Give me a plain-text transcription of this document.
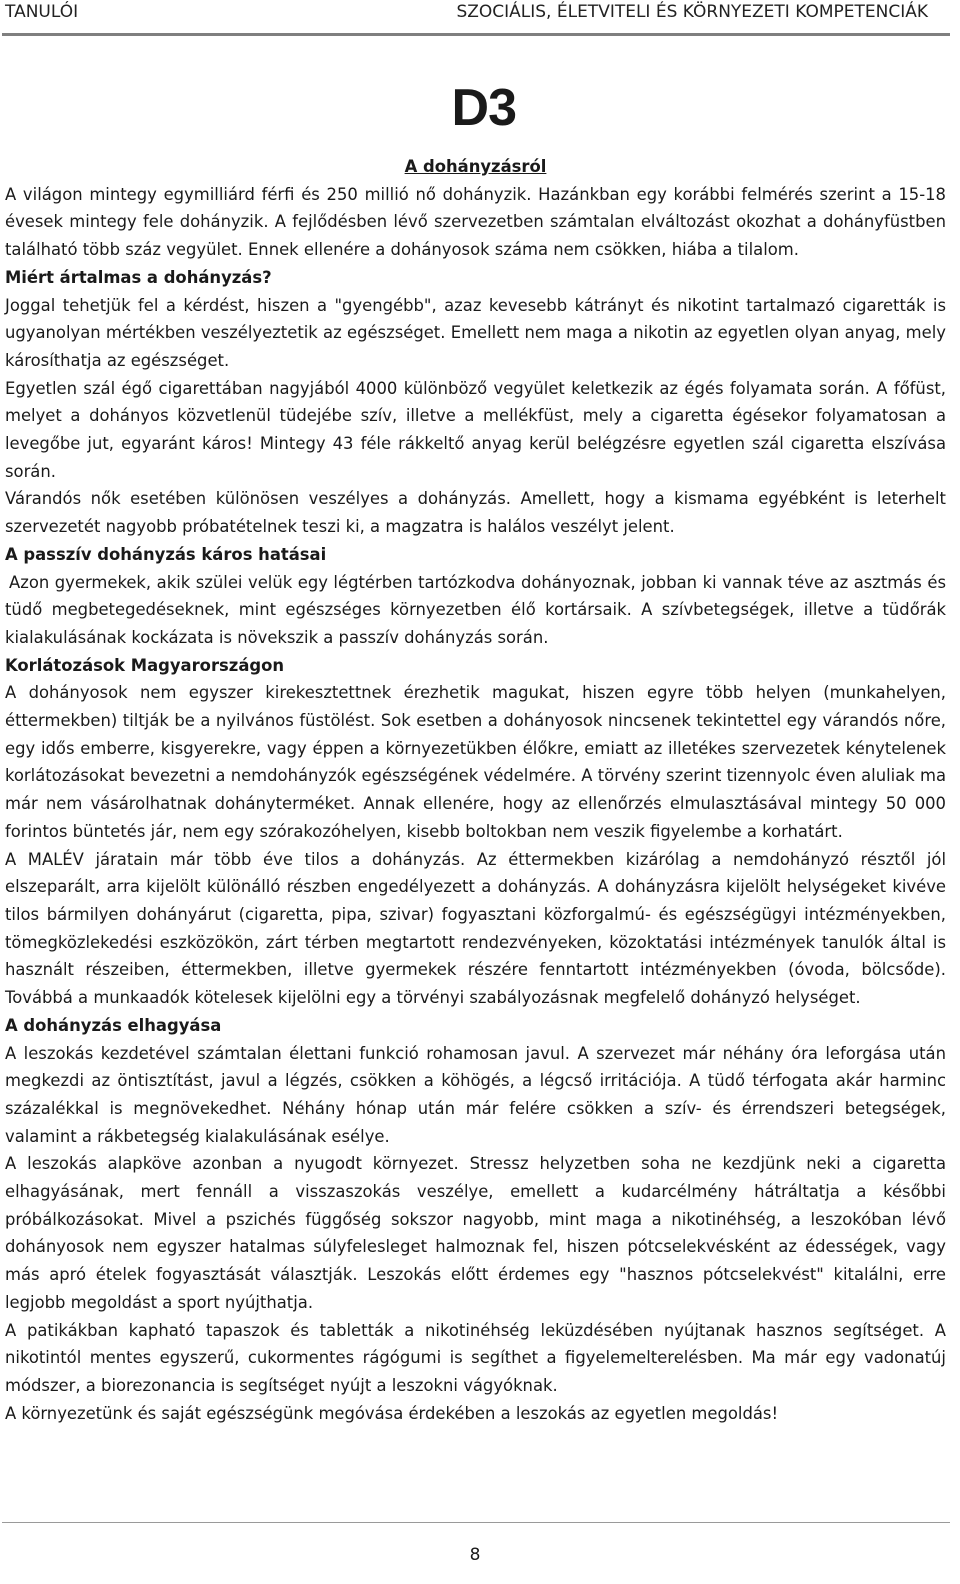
TANULÓI	SZOCIÁLIS, ÉLETVITELI ÉS KÖRNYEZETI KOMPETENCIÁK
D3

A dohányzásról

A világon mintegy egymilliárd férfi és 250 millió nő dohányzik. Hazánkban egy korábbi felmérés szerint a 15-18 évesek mintegy fele dohányzik. A fejlődésben lévő szervezetben számtalan elváltozást okozhat a dohányfüstben található több száz vegyület. Ennek ellenére a dohányosok száma nem csökken, hiába a tilalom.

Miért ártalmas a dohányzás?

Joggal tehetjük fel a kérdést, hiszen a "gyengébb", azaz kevesebb kátrányt és nikotint tartalmazó cigaretták is ugyanolyan mértékben veszélyeztetik az egészséget. Emellett nem maga a nikotin az egyetlen olyan anyag, mely károsíthatja az egészséget.

Egyetlen szál égő cigarettában nagyjából 4000 különböző vegyület keletkezik az égés folyamata során. A főfüst, melyet a dohányos közvetlenül tüdejébe szív, illetve a mellékfüst, mely a cigaretta égésekor folyamatosan a levegőbe jut, egyaránt káros! Mintegy 43 féle rákkeltő anyag kerül belégzésre egyetlen szál cigaretta elszívása során.

Várandós nők esetében különösen veszélyes a dohányzás. Amellett, hogy a kismama egyébként is leterhelt szervezetét nagyobb próbatételnek teszi ki, a magzatra is halálos veszélyt jelent.

A passzív dohányzás káros hatásai

Azon gyermekek, akik szülei velük egy légtérben tartózkodva dohányoznak, jobban ki vannak téve az asztmás és tüdő megbetegedéseknek, mint egészséges környezetben élő kortársaik. A szívbetegségek, illetve a tüdőrák kialakulásának kockázata is növekszik a passzív dohányzás során.

Korlátozások Magyarországon

A dohányosok nem egyszer kirekesztettnek érezhetik magukat, hiszen egyre több helyen (munkahelyen, éttermekben) tiltják be a nyilvános füstölést. Sok esetben a dohányosok nincsenek tekintettel egy várandós nőre, egy idős emberre, kisgyerekre, vagy éppen a környezetükben élőkre, emiatt az illetékes szervezetek kénytelenek korlátozásokat bevezetni a nemdohányzók egészségének védelmére. A törvény szerint tizennyolc éven aluliak ma már nem vásárolhatnak dohányterméket. Annak ellenére, hogy az ellenőrzés elmulasztásával mintegy 50 000 forintos büntetés jár, nem egy szórakozóhelyen, kisebb boltokban nem veszik figyelembe a korhatárt.

A MALÉV járatain már több éve tilos a dohányzás. Az éttermekben kizárólag a nemdohányzó résztől jól elszeparált, arra kijelölt különálló részben engedélyezett a dohányzás. A dohányzásra kijelölt helységeket kivéve tilos bármilyen dohányárut (cigaretta, pipa, szivar) fogyasztani közforgalmú- és egészségügyi intézményekben, tömegközlekedési eszközökön, zárt térben megtartott rendezvényeken, közoktatási intézmények tanulók által is használt részeiben, éttermekben, illetve gyermekek részére fenntartott intézményekben (óvoda, bölcsőde). Továbbá a munkaadók kötelesek kijelölni egy a törvényi szabályozásnak megfelelő dohányzó helységet.

A dohányzás elhagyása

A leszokás kezdetével számtalan élettani funkció rohamosan javul. A szervezet már néhány óra leforgása után megkezdi az öntisztítást, javul a légzés, csökken a köhögés, a légcső irritációja. A tüdő térfogata akár harminc százalékkal is megnövekedhet. Néhány hónap után már felére csökken a szív- és érrendszeri betegségek, valamint a rákbetegség kialakulásának esélye.

A leszokás alapköve azonban a nyugodt környezet. Stressz helyzetben soha ne kezdjünk neki a cigaretta elhagyásának, mert fennáll a visszaszokás veszélye, emellett a kudarcélmény hátráltatja a későbbi próbálkozásokat. Mivel a pszichés függőség sokszor nagyobb, mint maga a nikotinéhség, a leszokóban lévő dohányosok nem egyszer hatalmas súlyfelesleget halmoznak fel, hiszen pótcselekvésként az édességek, vagy más apró ételek fogyasztását választják. Leszokás előtt érdemes egy "hasznos pótcselekvést" kitalálni, erre legjobb megoldást a sport nyújthatja.

A patikákban kapható tapaszok és tabletták a nikotinéhség leküzdésében nyújtanak hasznos segítséget. A nikotintól mentes egyszerű, cukormentes rágógumi is segíthet a figyelemelterelésben. Ma már egy vadonatúj módszer, a biorezonancia is segítséget nyújt a leszokni vágyóknak.

A környezetünk és saját egészségünk megóvása érdekében a leszokás az egyetlen megoldás!

8
